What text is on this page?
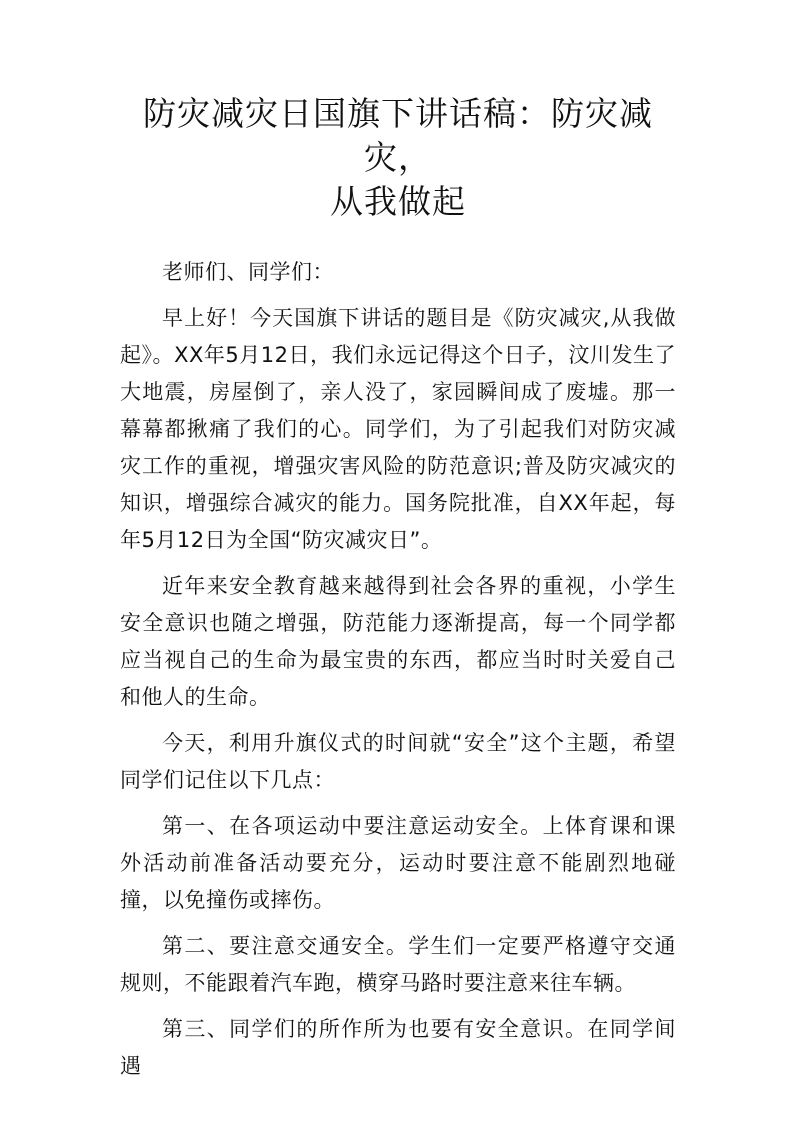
防灾减灾日国旗下讲话稿：防灾减灾，
从我做起

老师们、同学们：

早上好！今天国旗下讲话的题目是《防灾减灾,从我做起》。XX年5月12日，我们永远记得这个日子，汶川发生了大地震，房屋倒了，亲人没了，家园瞬间成了废墟。那一幕幕都揪痛了我们的心。同学们，为了引起我们对防灾减灾工作的重视，增强灾害风险的防范意识;普及防灾减灾的知识，增强综合减灾的能力。国务院批准，自XX年起，每年5月12日为全国“防灾减灾日”。

近年来安全教育越来越得到社会各界的重视，小学生安全意识也随之增强，防范能力逐渐提高，每一个同学都应当视自己的生命为最宝贵的东西，都应当时时关爱自己和他人的生命。

今天，利用升旗仪式的时间就“安全”这个主题，希望同学们记住以下几点：

第一、在各项运动中要注意运动安全。上体育课和课外活动前准备活动要充分，运动时要注意不能剧烈地碰撞，以免撞伤或摔伤。

第二、要注意交通安全。学生们一定要严格遵守交通规则，不能跟着汽车跑，横穿马路时要注意来往车辆。

第三、同学们的所作所为也要有安全意识。在同学间遇
